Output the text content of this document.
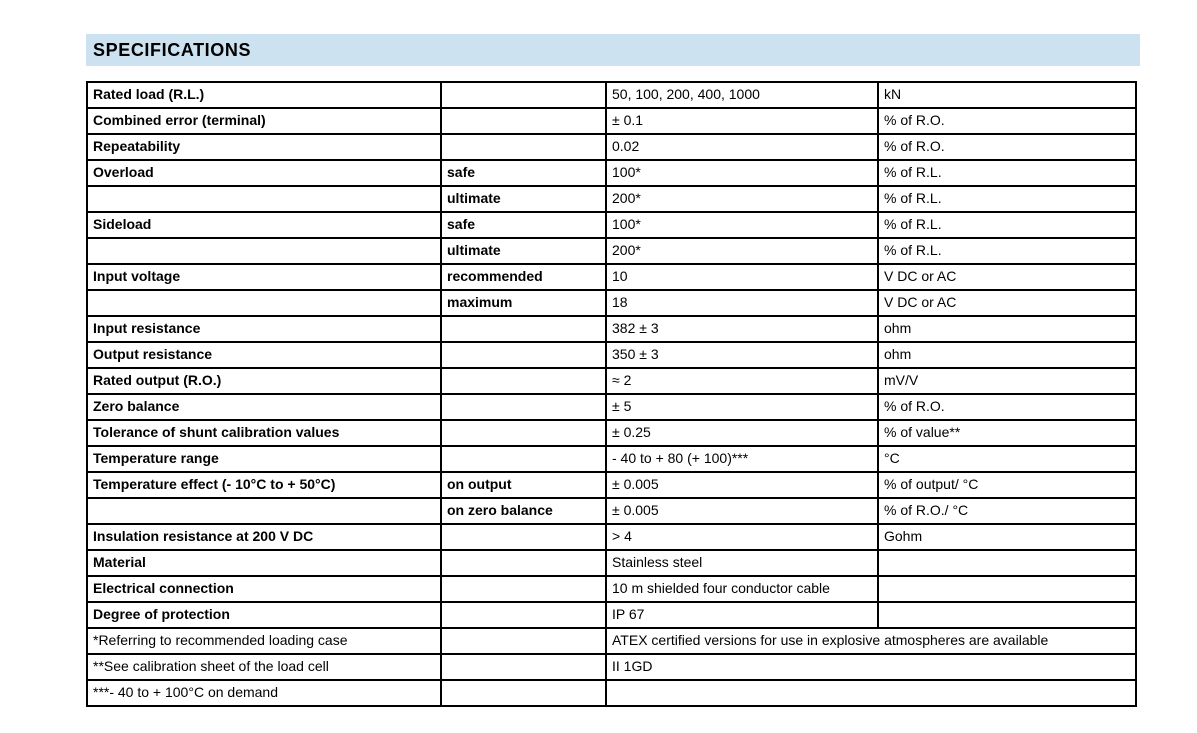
SPECIFICATIONS
Rated load (R.L.)		50, 100, 200, 400, 1000	kN
Combined error (terminal)		± 0.1	% of R.O.
Repeatability		0.02	% of R.O.
Overload	safe	100*	% of R.L.
	ultimate	200*	% of R.L.
Sideload	safe	100*	% of R.L.
	ultimate	200*	% of R.L.
Input voltage	recommended	10	V DC or AC
	maximum	18	V DC or AC
Input resistance		382 ± 3	ohm
Output resistance		350 ± 3	ohm
Rated output (R.O.)		≈ 2	mV/V
Zero balance		± 5	% of R.O.
Tolerance of shunt calibration values		± 0.25	% of value**
Temperature range		- 40 to + 80 (+ 100)***	°C
Temperature effect (- 10°C to + 50°C)	on output	± 0.005	% of output/ °C
	on zero balance	± 0.005	% of R.O./ °C
Insulation resistance at 200 V DC		> 4	Gohm
Material		Stainless steel	
Electrical connection		10 m shielded four conductor cable	
Degree of protection		IP 67	
*Referring to recommended loading case		ATEX certified versions for use in explosive atmospheres are available	
**See calibration sheet of the load cell		II 1GD	
***- 40 to + 100°C on demand			
